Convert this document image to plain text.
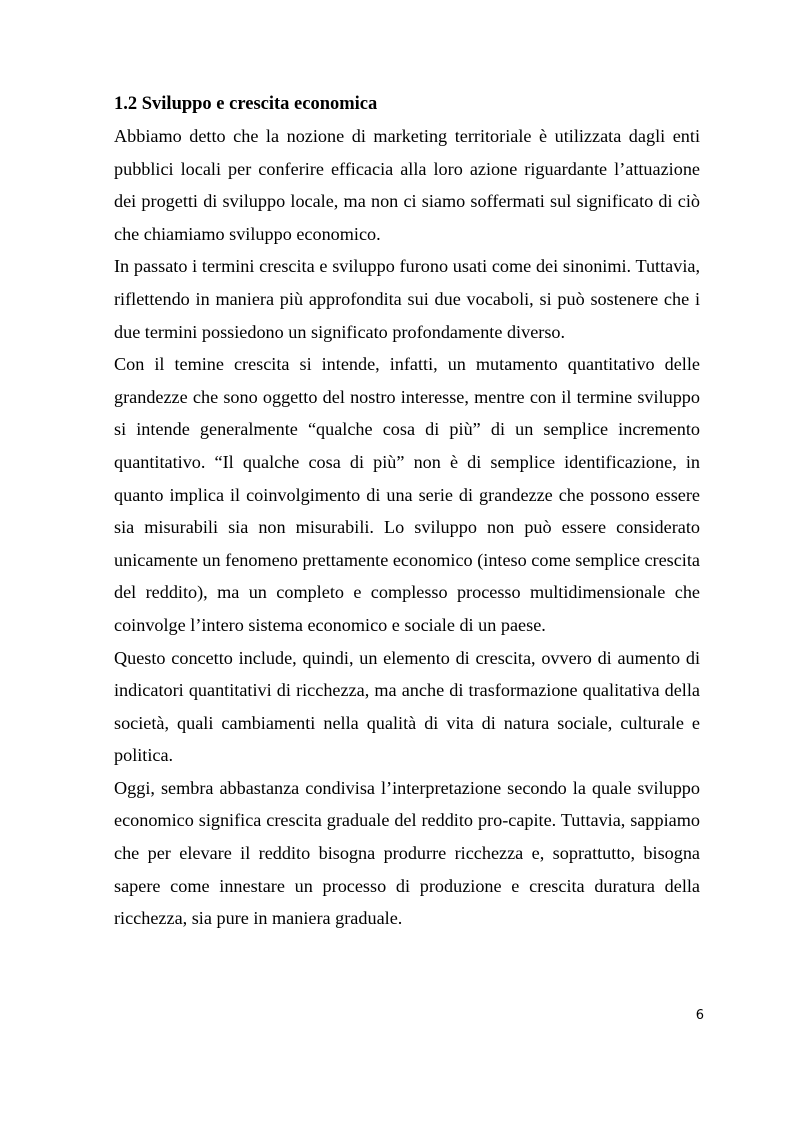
1.2 Sviluppo e crescita economica

Abbiamo detto che la nozione di marketing territoriale è utilizzata dagli enti pubblici locali per conferire efficacia alla loro azione riguardante l’attuazione dei progetti di sviluppo locale, ma non ci siamo soffermati sul significato di ciò che chiamiamo sviluppo economico.

In passato i termini crescita e sviluppo furono usati come dei sinonimi. Tuttavia, riflettendo in maniera più approfondita sui due vocaboli, si può sostenere che i due termini possiedono un significato profondamente diverso.

Con il temine crescita si intende, infatti, un mutamento quantitativo delle grandezze che sono oggetto del nostro interesse, mentre con il termine sviluppo si intende generalmente “qualche cosa di più” di un semplice incremento quantitativo. “Il qualche cosa di più” non è di semplice identificazione, in quanto implica il coinvolgimento di una serie di grandezze che possono essere sia misurabili sia non misurabili. Lo sviluppo non può essere considerato unicamente un fenomeno prettamente economico (inteso come semplice crescita del reddito), ma un completo e complesso processo multidimensionale che coinvolge l’intero sistema economico e sociale di un paese.

Questo concetto include, quindi, un elemento di crescita, ovvero di aumento di indicatori quantitativi di ricchezza, ma anche di trasformazione qualitativa della società, quali cambiamenti nella qualità di vita di natura sociale, culturale e politica.

Oggi, sembra abbastanza condivisa l’interpretazione secondo la quale sviluppo economico significa crescita graduale del reddito pro-capite. Tuttavia, sappiamo che per elevare il reddito bisogna produrre ricchezza e, soprattutto, bisogna sapere come innestare un processo di produzione e crescita duratura della ricchezza, sia pure in maniera graduale.

6
